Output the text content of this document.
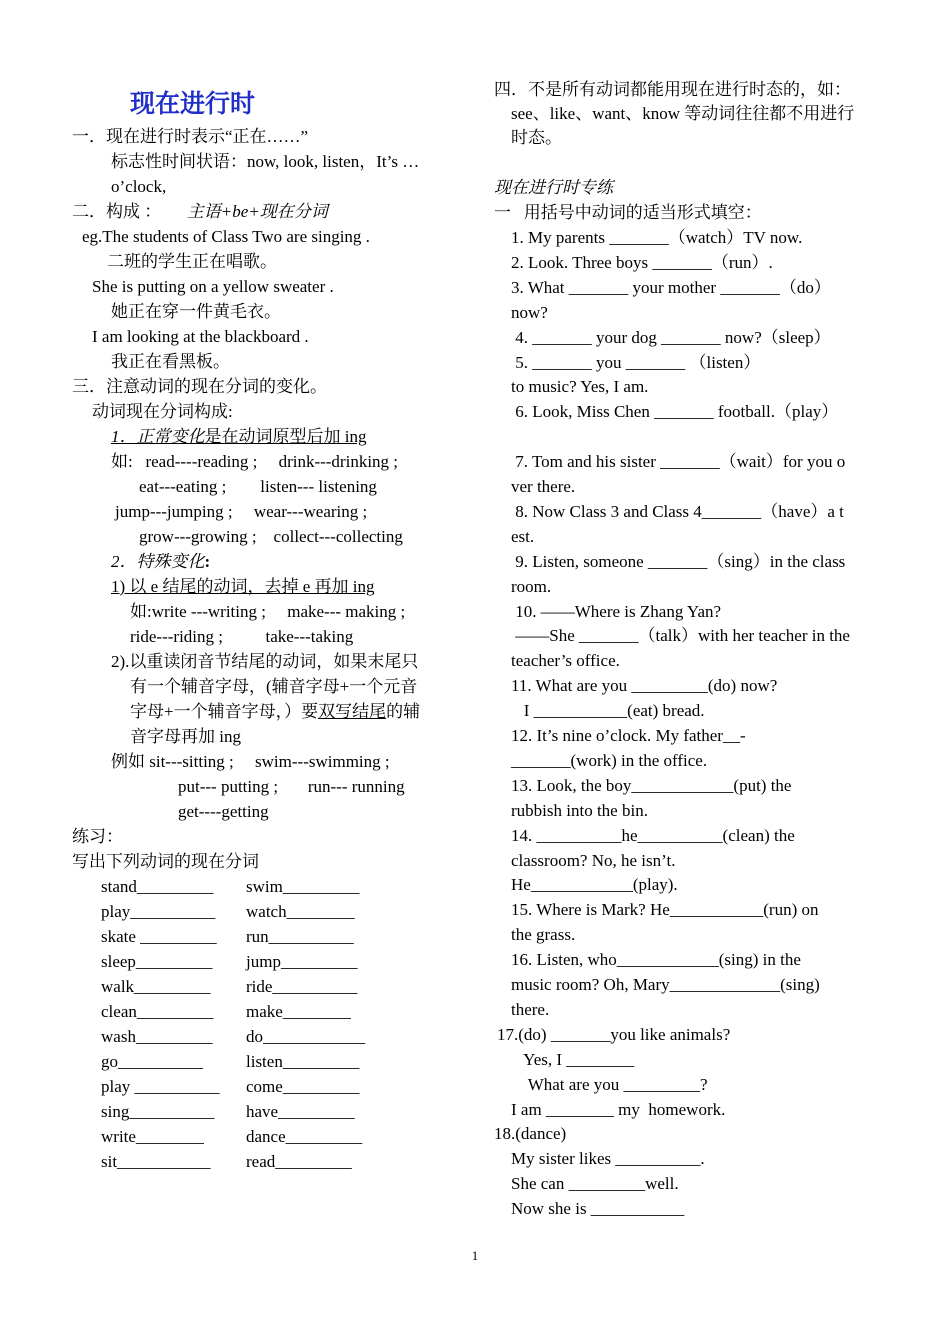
现在进行时
一．现在进行时表示“正在……”
标志性时间状语：now, look, listen，It’s …
o’clock,
二．构成 ： 主语+be+现在分词
eg.The students of Class Two are singing .
二班的学生正在唱歌。
She is putting on a yellow sweater .
她正在穿一件黄毛衣。
I am looking at the blackboard .
我正在看黑板。
三．注意动词的现在分词的变化。
动词现在分词构成:
1．正常变化是在动词原型后加 ing
如:   read----reading ;     drink---drinking ;
eat---eating ;        listen--- listening
jump---jumping ;     wear---wearing ;
grow---growing ;    collect---collecting
2．特殊变化:
1) 以 e 结尾的动词，去掉 e 再加 ing
如:write ---writing ;     make--- making ;
ride---riding ;          take---taking
2).以重读闭音节结尾的动词，如果末尾只
有一个辅音字母，(辅音字母+一个元音
字母+一个辅音字母，）要双写结尾的辅
音字母再加 ing
例如 sit---sitting ;     swim---swimming ;
put--- putting ;       run--- running
get----getting
练习：
写出下列动词的现在分词
stand_________ swim_________
play__________ watch________
skate _________ run__________
sleep_________ jump_________
walk_________ ride__________
clean_________ make________
wash_________ do____________
go__________	listen_________
play __________ come_________
sing__________ have_________
write________ dance_________
sit___________ read_________
四．不是所有动词都能用现在进行时态的，如：
see、like、want、know 等动词往往都不用进行
时态。
现在进行时专练
一   用括号中动词的适当形式填空：
1. My parents _______（watch）TV now.
2. Look. Three boys _______（run）.
3. What _______ your mother _______（do）
now?
4. _______ your dog _______ now?（sleep）
5. _______ you _______ （listen）
to music? Yes, I am.
6. Look, Miss Chen _______ football.（play）
7. Tom and his sister _______（wait）for you o
ver there.
8. Now Class 3 and Class 4_______（have）a t
est.
9. Listen, someone _______（sing）in the class
room.
10. ——Where is Zhang Yan?
——She _______（talk）with her teacher in the
teacher’s office.
11. What are you _________(do) now?
I ___________(eat) bread.
12. It’s nine o’clock. My father__-
_______(work) in the office.
13. Look, the boy____________(put) the
rubbish into the bin.
14. __________he__________(clean) the
classroom? No, he isn’t.
He____________(play).
15. Where is Mark? He___________(run) on
the grass.
16. Listen, who____________(sing) in the
music room? Oh, Mary_____________(sing)
there.
17.(do) _______you like animals?
Yes, I ________
What are you _________?
I am ________ my  homework.
18.(dance)
My sister likes __________.
She can _________well.
Now she is ___________
1
